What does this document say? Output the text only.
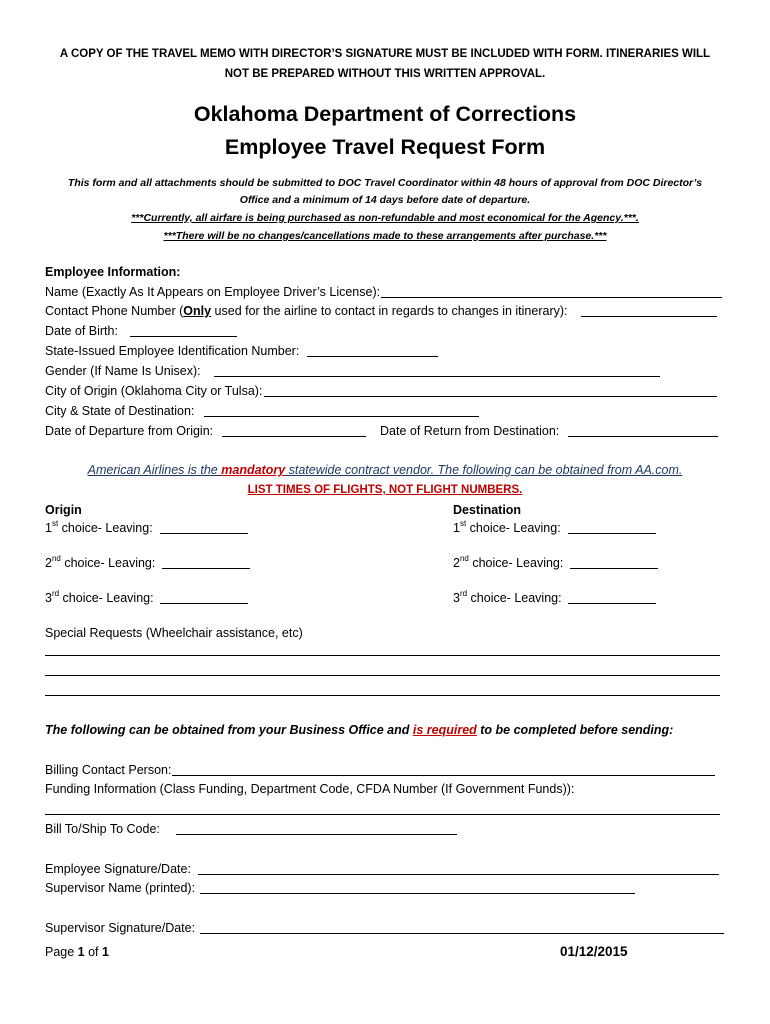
A COPY OF THE TRAVEL MEMO WITH DIRECTOR’S SIGNATURE MUST BE INCLUDED WITH FORM. ITINERARIES WILL
NOT BE PREPARED WITHOUT THIS WRITTEN APPROVAL.
Oklahoma Department of Corrections
Employee Travel Request Form
This form and all attachments should be submitted to DOC Travel Coordinator within 48 hours of approval from DOC Director’s
Office and a minimum of 14 days before date of departure.
***Currently, all airfare is being purchased as non-refundable and most economical for the Agency.***.
***There will be no changes/cancellations made to these arrangements after purchase.***
Employee Information:
Name (Exactly As It Appears on Employee Driver’s License):
Contact Phone Number (Only used for the airline to contact in regards to changes in itinerary):
Date of Birth:
State-Issued Employee Identification Number:
Gender (If Name Is Unisex):
City of Origin (Oklahoma City or Tulsa):
City & State of Destination:
Date of Departure from Origin:	Date of Return from Destination:
American Airlines is the mandatory statewide contract vendor. The following can be obtained from AA.com.
LIST TIMES OF FLIGHTS, NOT FLIGHT NUMBERS.
Origin	Destination
1st choice- Leaving:	1st choice- Leaving:
2nd choice- Leaving:	2nd choice- Leaving:
3rd choice- Leaving:	3rd choice- Leaving:
Special Requests (Wheelchair assistance, etc)
The following can be obtained from your Business Office and is required to be completed before sending:
Billing Contact Person:
Funding Information (Class Funding, Department Code, CFDA Number (If Government Funds)):
Bill To/Ship To Code:
Employee Signature/Date:
Supervisor Name (printed):
Supervisor Signature/Date:
Page 1 of 1	01/12/2015
